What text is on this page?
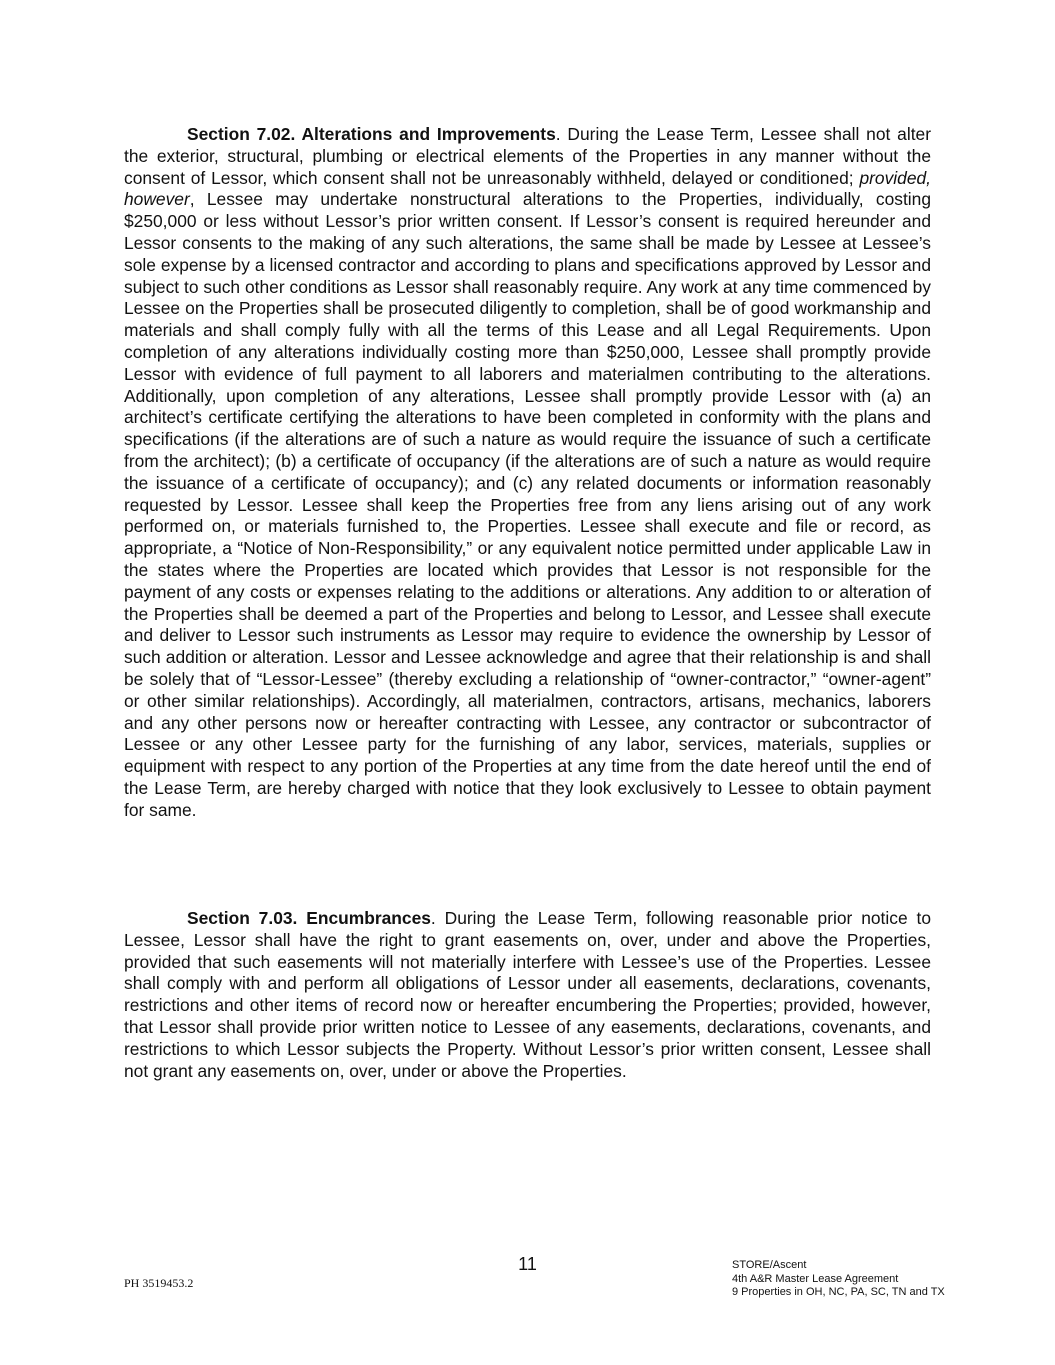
Section 7.02. Alterations and Improvements. During the Lease Term, Lessee shall not alter the exterior, structural, plumbing or electrical elements of the Properties in any manner without the consent of Lessor, which consent shall not be unreasonably withheld, delayed or conditioned; provided, however, Lessee may undertake nonstructural alterations to the Properties, individually, costing $250,000 or less without Lessor’s prior written consent. If Lessor’s consent is required hereunder and Lessor consents to the making of any such alterations, the same shall be made by Lessee at Lessee’s sole expense by a licensed contractor and according to plans and specifications approved by Lessor and subject to such other conditions as Lessor shall reasonably require. Any work at any time commenced by Lessee on the Properties shall be prosecuted diligently to completion, shall be of good workmanship and materials and shall comply fully with all the terms of this Lease and all Legal Requirements. Upon completion of any alterations individually costing more than $250,000, Lessee shall promptly provide Lessor with evidence of full payment to all laborers and materialmen contributing to the alterations. Additionally, upon completion of any alterations, Lessee shall promptly provide Lessor with (a) an architect’s certificate certifying the alterations to have been completed in conformity with the plans and specifications (if the alterations are of such a nature as would require the issuance of such a certificate from the architect); (b) a certificate of occupancy (if the alterations are of such a nature as would require the issuance of a certificate of occupancy); and (c) any related documents or information reasonably requested by Lessor. Lessee shall keep the Properties free from any liens arising out of any work performed on, or materials furnished to, the Properties. Lessee shall execute and file or record, as appropriate, a “Notice of Non-Responsibility,” or any equivalent notice permitted under applicable Law in the states where the Properties are located which provides that Lessor is not responsible for the payment of any costs or expenses relating to the additions or alterations. Any addition to or alteration of the Properties shall be deemed a part of the Properties and belong to Lessor, and Lessee shall execute and deliver to Lessor such instruments as Lessor may require to evidence the ownership by Lessor of such addition or alteration. Lessor and Lessee acknowledge and agree that their relationship is and shall be solely that of “Lessor-Lessee” (thereby excluding a relationship of “owner-contractor,” “owner-agent” or other similar relationships). Accordingly, all materialmen, contractors, artisans, mechanics, laborers and any other persons now or hereafter contracting with Lessee, any contractor or subcontractor of Lessee or any other Lessee party for the furnishing of any labor, services, materials, supplies or equipment with respect to any portion of the Properties at any time from the date hereof until the end of the Lease Term, are hereby charged with notice that they look exclusively to Lessee to obtain payment for same.
Section 7.03. Encumbrances. During the Lease Term, following reasonable prior notice to Lessee, Lessor shall have the right to grant easements on, over, under and above the Properties, provided that such easements will not materially interfere with Lessee’s use of the Properties. Lessee shall comply with and perform all obligations of Lessor under all easements, declarations, covenants, restrictions and other items of record now or hereafter encumbering the Properties; provided, however, that Lessor shall provide prior written notice to Lessee of any easements, declarations, covenants, and restrictions to which Lessor subjects the Property. Without Lessor’s prior written consent, Lessee shall not grant any easements on, over, under or above the Properties.
11
PH 3519453.2
STORE/Ascent
4th A&R Master Lease Agreement
9 Properties in OH, NC, PA, SC, TN and TX
